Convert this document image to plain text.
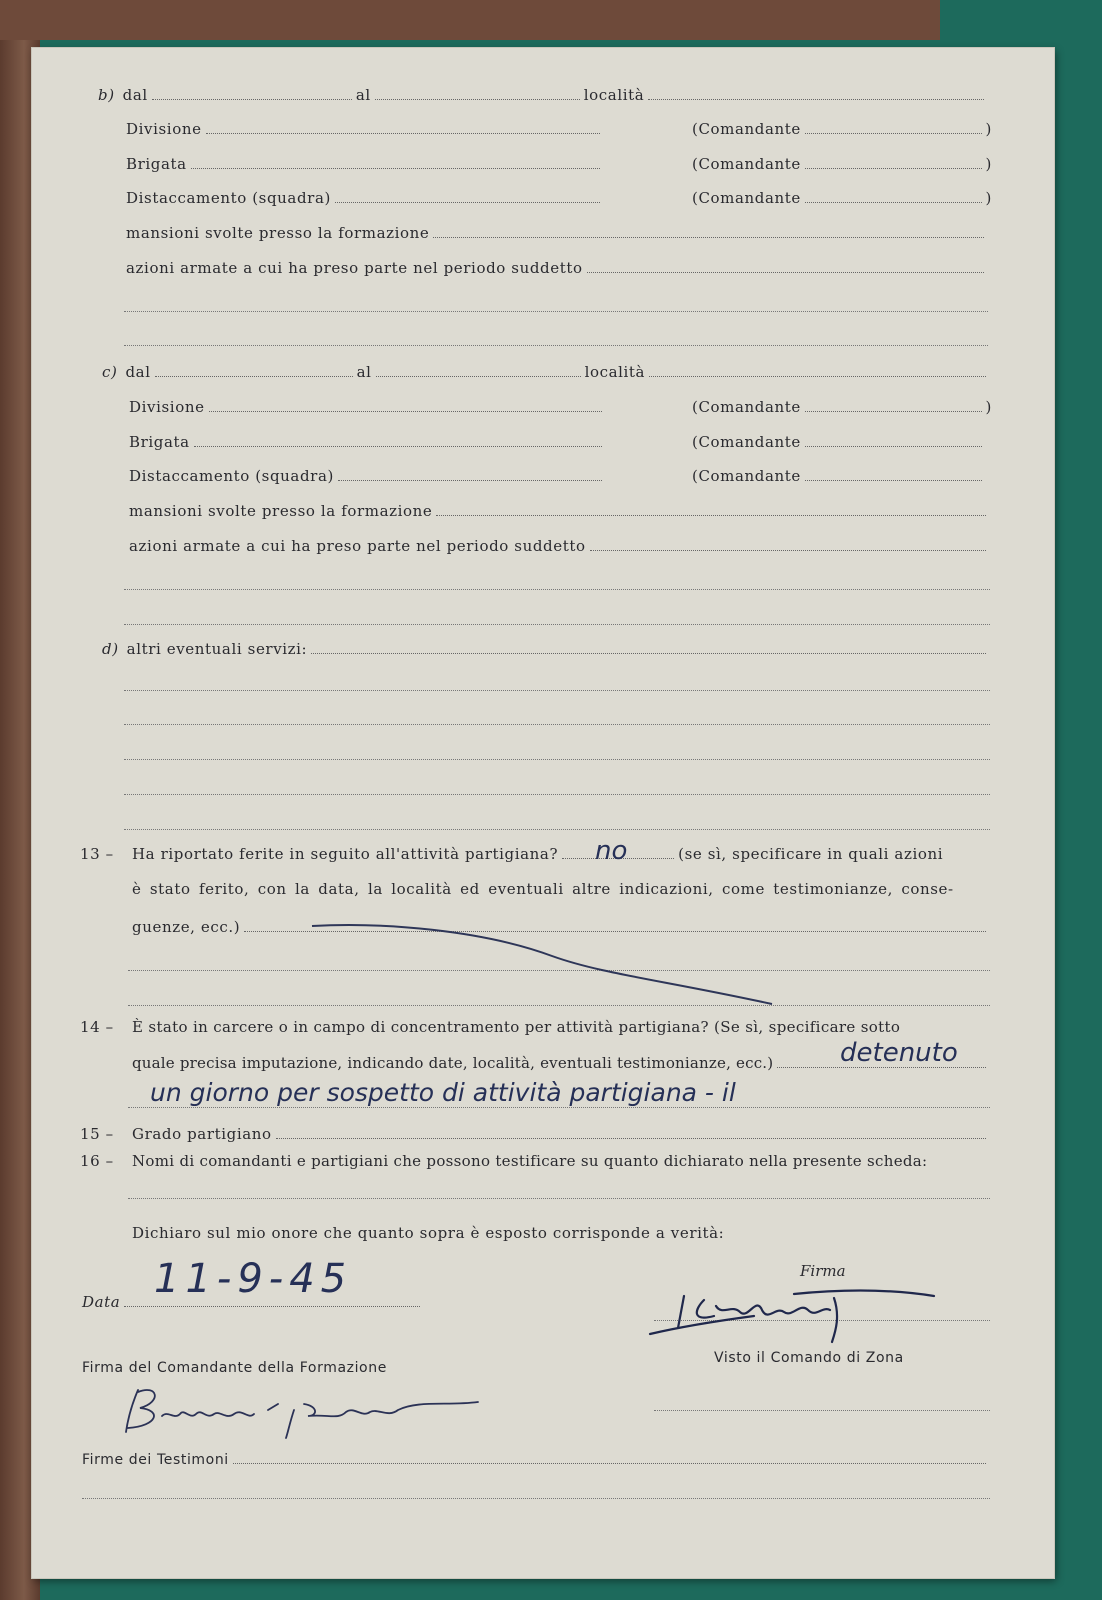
b) dal	al	località
Divisione	(Comandante	)
Brigata	(Comandante	)
Distaccamento (squadra)	(Comandante	)
mansioni svolte presso la formazione
azioni armate a cui ha preso parte nel periodo suddetto
c) dal	al	località
Divisione	(Comandante	)
Brigata	(Comandante
Distaccamento (squadra)	(Comandante
mansioni svolte presso la formazione
azioni armate a cui ha preso parte nel periodo suddetto
d) altri eventuali servizi:
13 –	Ha riportato ferite in seguito all'attività partigiana?	(se sì, specificare in quali azioni
no
è stato ferito, con la data, la località ed eventuali altre indicazioni, come testimonianze, conse-
guenze, ecc.)
14 –	È stato in carcere o in campo di concentramento per attività partigiana? (Se sì, specificare sotto
quale precisa imputazione, indicando date, località, eventuali testimonianze, ecc.)	detenuto
un giorno per sospetto di attività partigiana - il
15 –	Grado partigiano
16 –	Nomi di comandanti e partigiani che possono testificare su quanto dichiarato nella presente scheda:
Dichiaro sul mio onore che quanto sopra è esposto corrisponde a verità:
Data 11-9-45	Firma
Firma del Comandante della Formazione
Visto il Comando di Zona
Firme dei Testimoni
